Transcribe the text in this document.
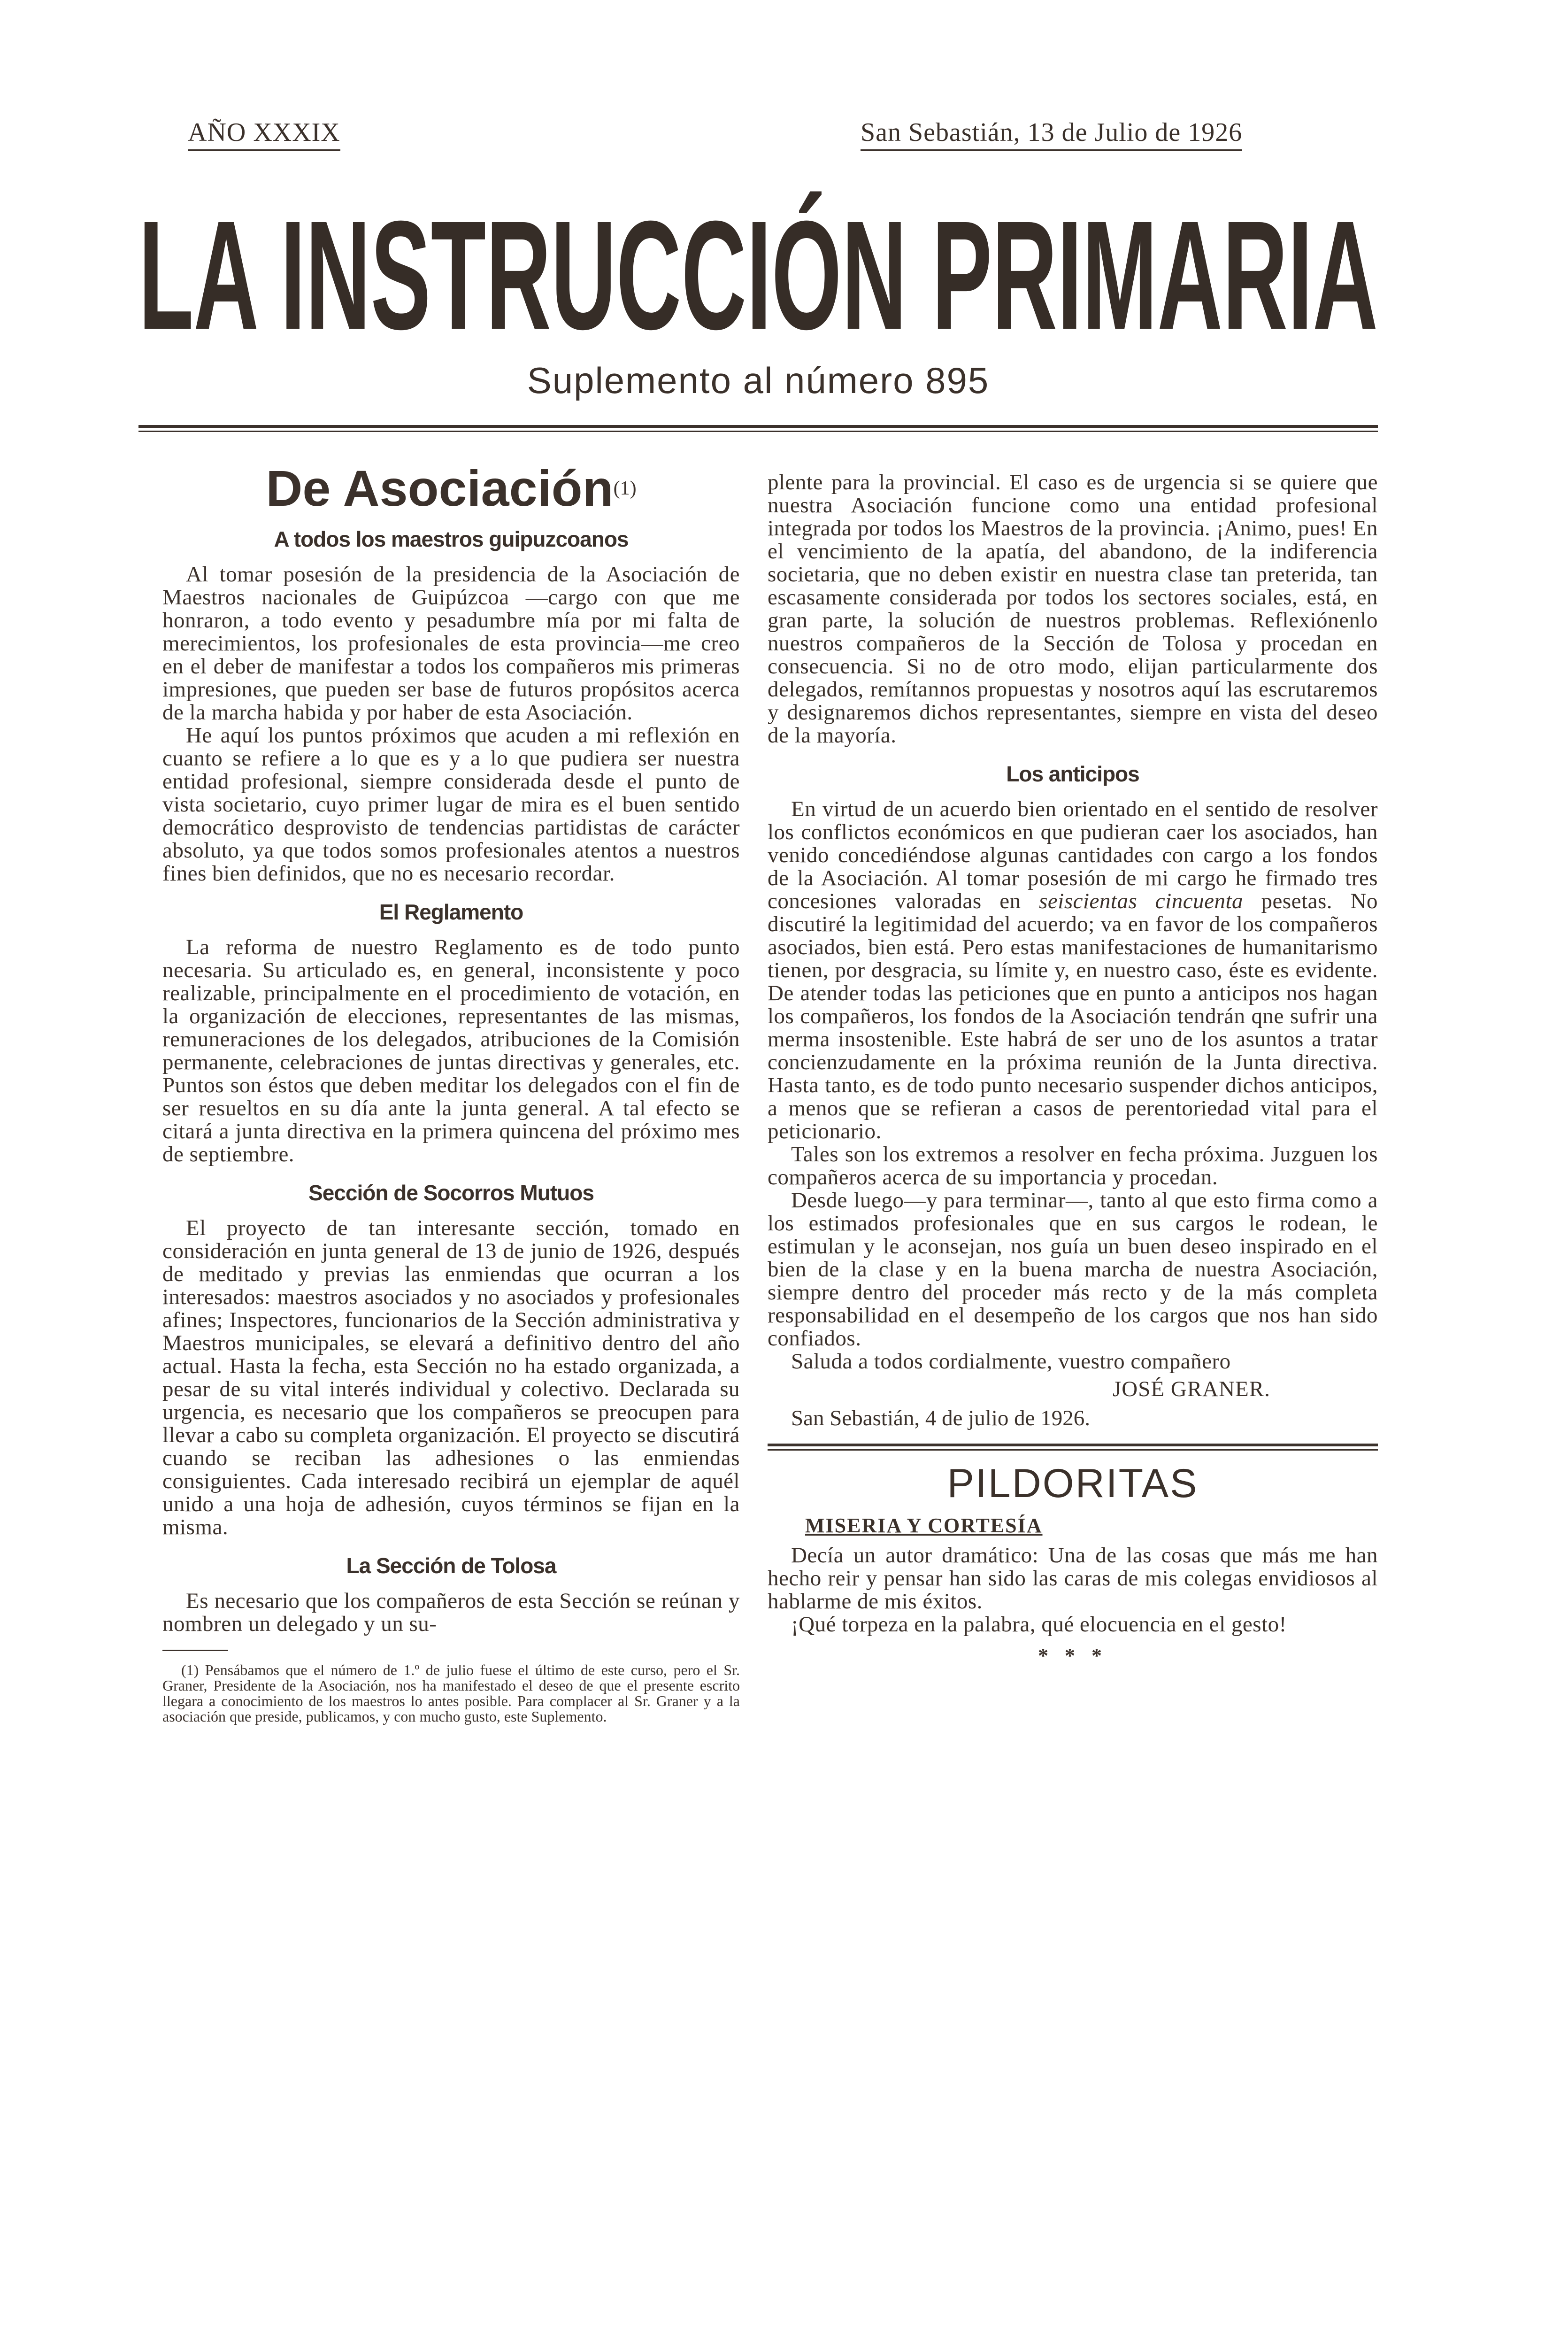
AÑO XXXIX	San Sebastián, 13 de Julio de 1926
LA INSTRUCCIÓN PRIMARIA
Suplemento al número 895
De Asociación$^{(1)}$
A todos los maestros guipuzcoanos

Al tomar posesión de la presidencia de la Asociación de Maestros nacionales de Guipúzcoa —cargo con que me honraron, a todo evento y pesadumbre mía por mi falta de merecimientos, los profesionales de esta provincia—me creo en el deber de manifestar a todos los compañeros mis primeras impresiones, que pueden ser base de futuros propósitos acerca de la marcha habida y por haber de esta Asociación.

He aquí los puntos próximos que acuden a mi reflexión en cuanto se refiere a lo que es y a lo que pudiera ser nuestra entidad profesional, siempre considerada desde el punto de vista societario, cuyo primer lugar de mira es el buen sentido democrático desprovisto de tendencias partidistas de carácter absoluto, ya que todos somos profesionales atentos a nuestros fines bien definidos, que no es necesario recordar.

El Reglamento

La reforma de nuestro Reglamento es de todo punto necesaria. Su articulado es, en general, inconsistente y poco realizable, principalmente en el procedimiento de votación, en la organización de elecciones, representantes de las mismas, remuneraciones de los delegados, atribuciones de la Comisión permanente, celebraciones de juntas directivas y generales, etc. Puntos son éstos que deben meditar los delegados con el fin de ser resueltos en su día ante la junta general. A tal efecto se citará a junta directiva en la primera quincena del próximo mes de septiembre.

Sección de Socorros Mutuos

El proyecto de tan interesante sección, tomado en consideración en junta general de 13 de junio de 1926, después de meditado y previas las enmiendas que ocurran a los interesados: maestros asociados y no asociados y profesionales afines; Inspectores, funcionarios de la Sección administrativa y Maestros municipales, se elevará a definitivo dentro del año actual. Hasta la fecha, esta Sección no ha estado organizada, a pesar de su vital interés individual y colectivo. Declarada su urgencia, es necesario que los compañeros se preocupen para llevar a cabo su completa organización. El proyecto se discutirá cuando se reciban las adhesiones o las enmiendas consiguientes. Cada interesado recibirá un ejemplar de aquél unido a una hoja de adhesión, cuyos términos se fijan en la misma.

La Sección de Tolosa

Es necesario que los compañeros de esta Sección se reúnan y nombren un delegado y un su-

(1) Pensábamos que el número de 1.º de julio fuese el último de este curso, pero el Sr. Graner, Presidente de la Asociación, nos ha manifestado el deseo de que el presente escrito llegara a conocimiento de los maestros lo antes posible. Para complacer al Sr. Graner y a la asociación que preside, publicamos, y con mucho gusto, este Suplemento.

plente para la provincial. El caso es de urgencia si se quiere que nuestra Asociación funcione como una entidad profesional integrada por todos los Maestros de la provincia. ¡Animo, pues! En el vencimiento de la apatía, del abandono, de la indiferencia societaria, que no deben existir en nuestra clase tan preterida, tan escasamente considerada por todos los sectores sociales, está, en gran parte, la solución de nuestros problemas. Reflexiónenlo nuestros compañeros de la Sección de Tolosa y procedan en consecuencia. Si no de otro modo, elijan particularmente dos delegados, remítannos propuestas y nosotros aquí las escrutaremos y designaremos dichos representantes, siempre en vista del deseo de la mayoría.

Los anticipos

En virtud de un acuerdo bien orientado en el sentido de resolver los conflictos económicos en que pudieran caer los asociados, han venido concediéndose algunas cantidades con cargo a los fondos de la Asociación. Al tomar posesión de mi cargo he firmado tres concesiones valoradas en seiscientas cincuenta pesetas. No discutiré la legitimidad del acuerdo; va en favor de los compañeros asociados, bien está. Pero estas manifestaciones de humanitarismo tienen, por desgracia, su límite y, en nuestro caso, éste es evidente. De atender todas las peticiones que en punto a anticipos nos hagan los compañeros, los fondos de la Asociación tendrán qne sufrir una merma insostenible. Este habrá de ser uno de los asuntos a tratar concienzudamente en la próxima reunión de la Junta directiva. Hasta tanto, es de todo punto necesario suspender dichos anticipos, a menos que se refieran a casos de perentoriedad vital para el peticionario.

Tales son los extremos a resolver en fecha próxima. Juzguen los compañeros acerca de su importancia y procedan.

Desde luego—y para terminar—, tanto al que esto firma como a los estimados profesionales que en sus cargos le rodean, le estimulan y le aconsejan, nos guía un buen deseo inspirado en el bien de la clase y en la buena marcha de nuestra Asociación, siempre dentro del proceder más recto y de la más completa responsabilidad en el desempeño de los cargos que nos han sido confiados.

Saluda a todos cordialmente, vuestro compañero

JOSÉ GRANER.
San Sebastián, 4 de julio de 1926.
PILDORITAS
MISERIA Y CORTESÍA

Decía un autor dramático: Una de las cosas que más me han hecho reir y pensar han sido las caras de mis colegas envidiosos al hablarme de mis éxitos.

¡Qué torpeza en la palabra, qué elocuencia en el gesto!

* * *
